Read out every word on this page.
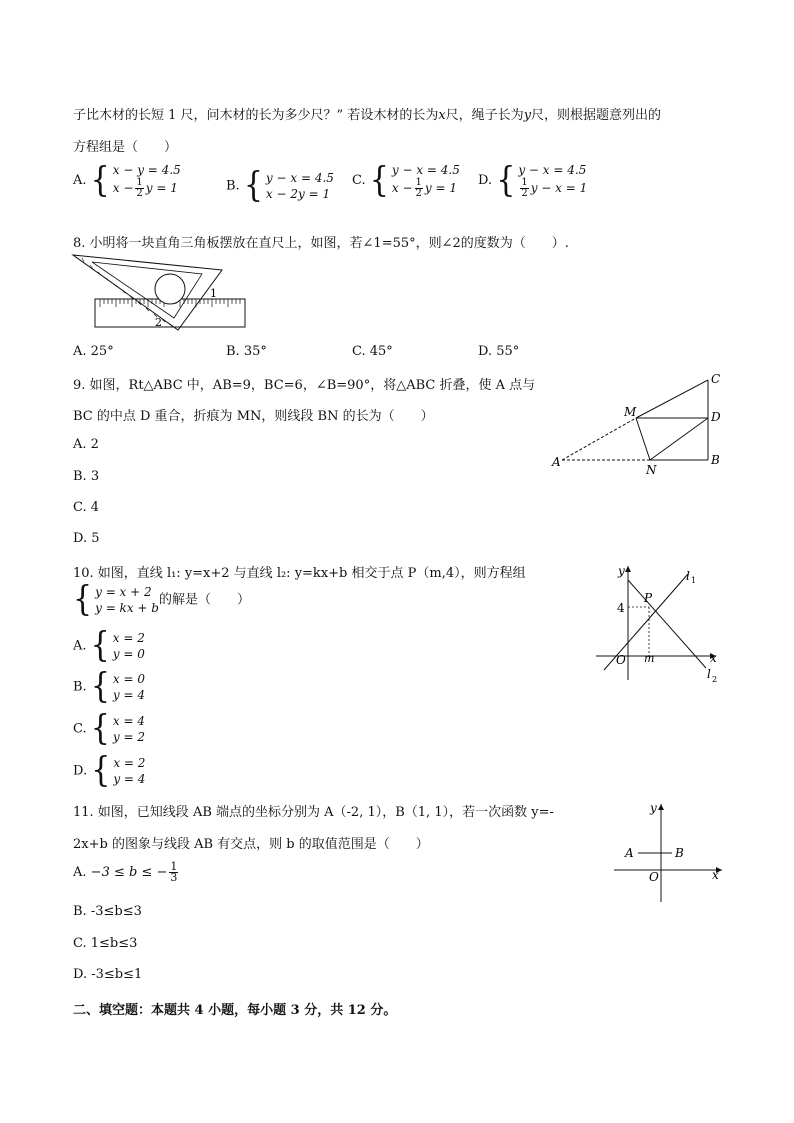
子比木材的长短 1 尺，问木材的长为多少尺？” 若设木材的长为x尺，绳子长为y尺，则根据题意列出的
方程组是（　　）
A. { x − y = 4.5
$x - \frac{1}{2}$ y = 1	B. { y − x = 4.5
x − 2y = 1
C. { y − x = 4.5
$x - \frac{1}{2}$ y = 1 D. { y − x = 4.5
$\frac{1}{2}$ y − x = 1
8. 小明将一块直角三角板摆放在直尺上，如图，若∠1=55°，则∠2的度数为（　　）.
1
2
A. 25°	B. 35°	C. 45°	D. 55°
9. 如图，Rt△ABC 中，AB=9，BC=6，∠B=90°，将△ABC 折叠，使 A 点与
BC 的中点 D 重合，折痕为 MN，则线段 BN 的长为（　　）
C
D
B
M
N
A
A. 2
B. 3
C. 4
D. 5
10. 如图，直线 l₁: y=x+2 与直线 l₂: y=kx+b 相交于点 P（m,4），则方程组
{ y = x + 2
y = kx + b
的解是（　　）
y
x
O
P
m
4
l 1
l 2
A. { x = 2
y = 0
B. { x = 0
y = 4
C. { x = 4
y = 2
D. { x = 2
y = 4
11. 如图，已知线段 AB 端点的坐标分别为 A（-2, 1），B（1, 1），若一次函数 y=-
2x+b 的图象与线段 AB 有交点，则 b 的取值范围是（　　）
y
x
O
A	B
A. −3 ≤ b ≤ − $\frac{1}{3}$
B. -3≤b≤3
C. 1≤b≤3
D. -3≤b≤1
二、填空题：本题共 4 小题，每小题 3 分，共 12 分。
